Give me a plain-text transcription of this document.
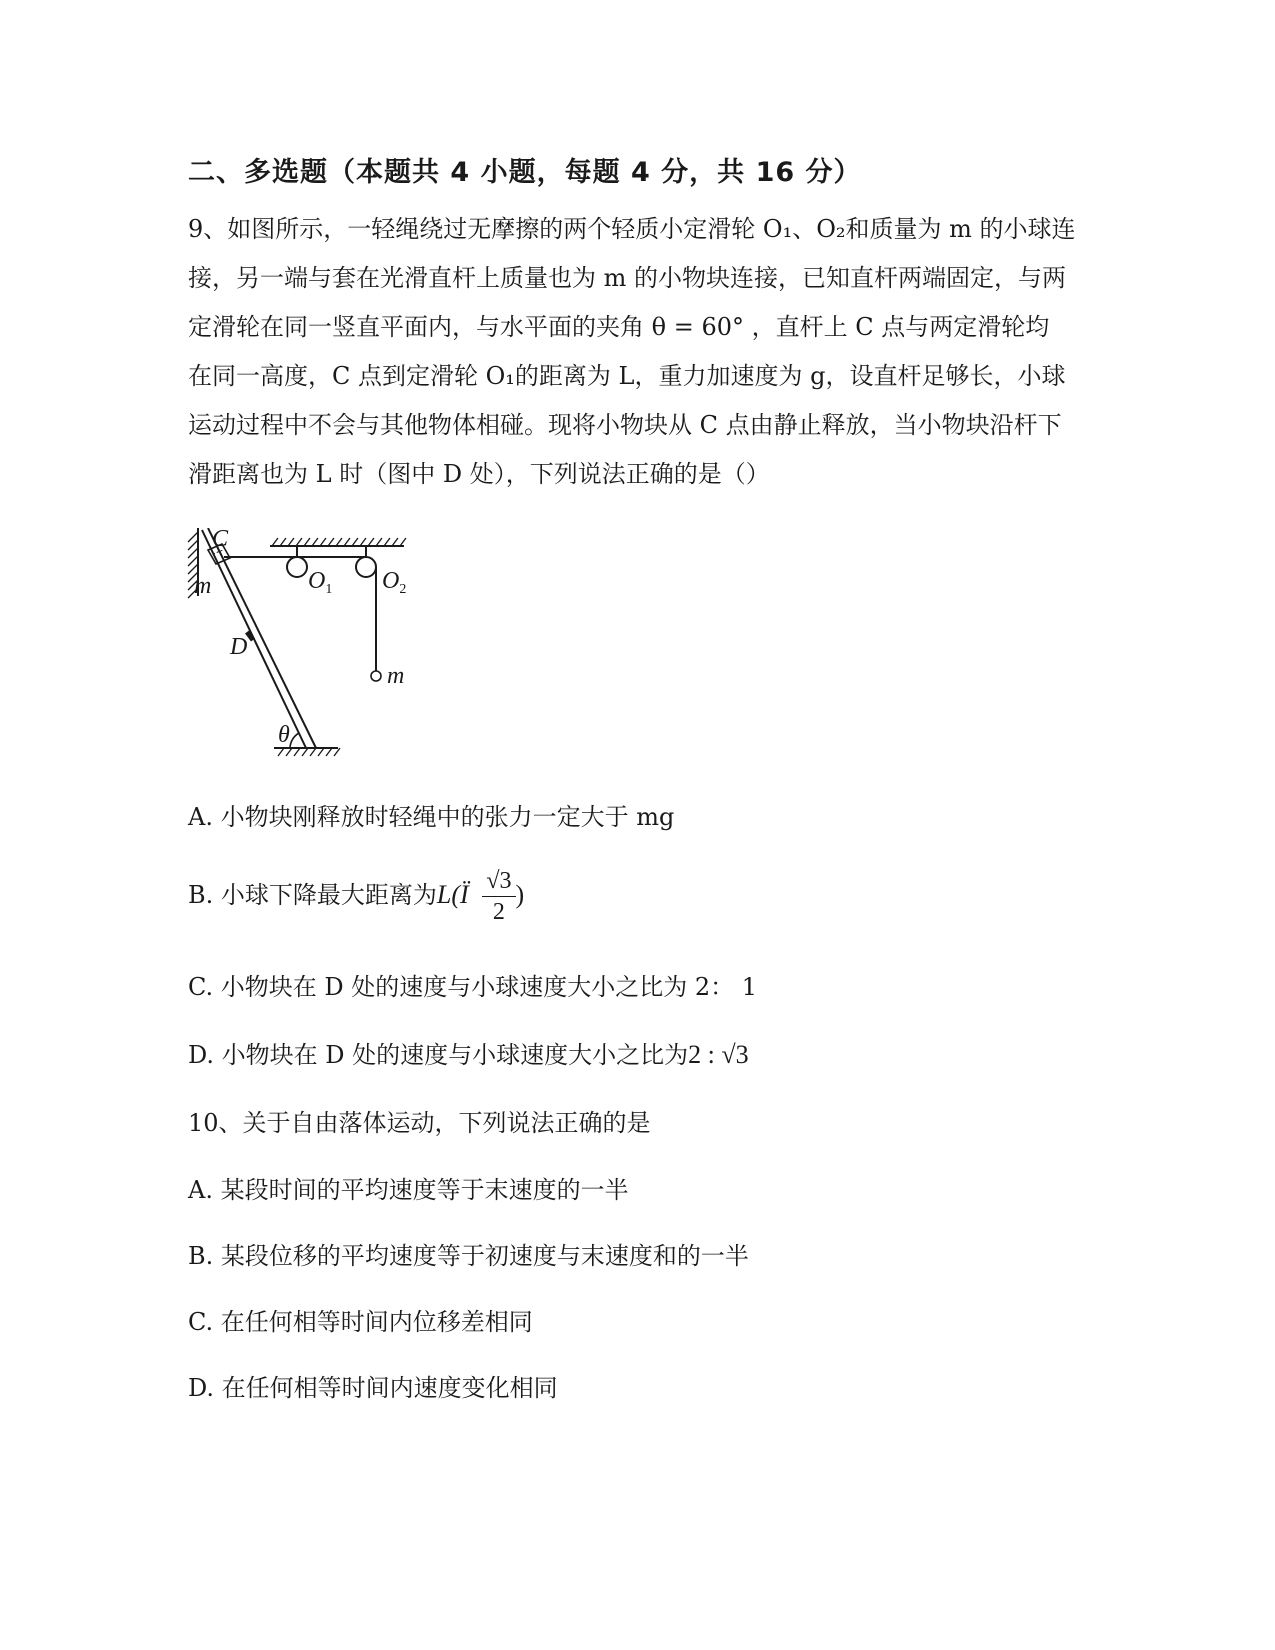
二、多选题（本题共 4 小题，每题 4 分，共 16 分）
9、如图所示，一轻绳绕过无摩擦的两个轻质小定滑轮 O₁、O₂和质量为 m 的小球连
接，另一端与套在光滑直杆上质量也为 m 的小物块连接，已知直杆两端固定，与两
定滑轮在同一竖直平面内，与水平面的夹角 θ = 60° ，直杆上 C 点与两定滑轮均
在同一高度，C 点到定滑轮 O₁的距离为 L，重力加速度为 g，设直杆足够长，小球
运动过程中不会与其他物体相碰。现将小物块从 C 点由静止释放，当小物块沿杆下
滑距离也为 L 时（图中 D 处），下列说法正确的是（）
C
m	$O_1$ $O_2$
D
m
θ
A. 小物块刚释放时轻绳中的张力一定大于 mg
B. 小球下降最大距离为L(Ï $\frac{√3}{2}$ )
C. 小物块在 D 处的速度与小球速度大小之比为 2： 1
D. 小物块在 D 处的速度与小球速度大小之比为2 : √3
10、关于自由落体运动，下列说法正确的是
A. 某段时间的平均速度等于末速度的一半
B. 某段位移的平均速度等于初速度与末速度和的一半
C. 在任何相等时间内位移差相同
D. 在任何相等时间内速度变化相同
